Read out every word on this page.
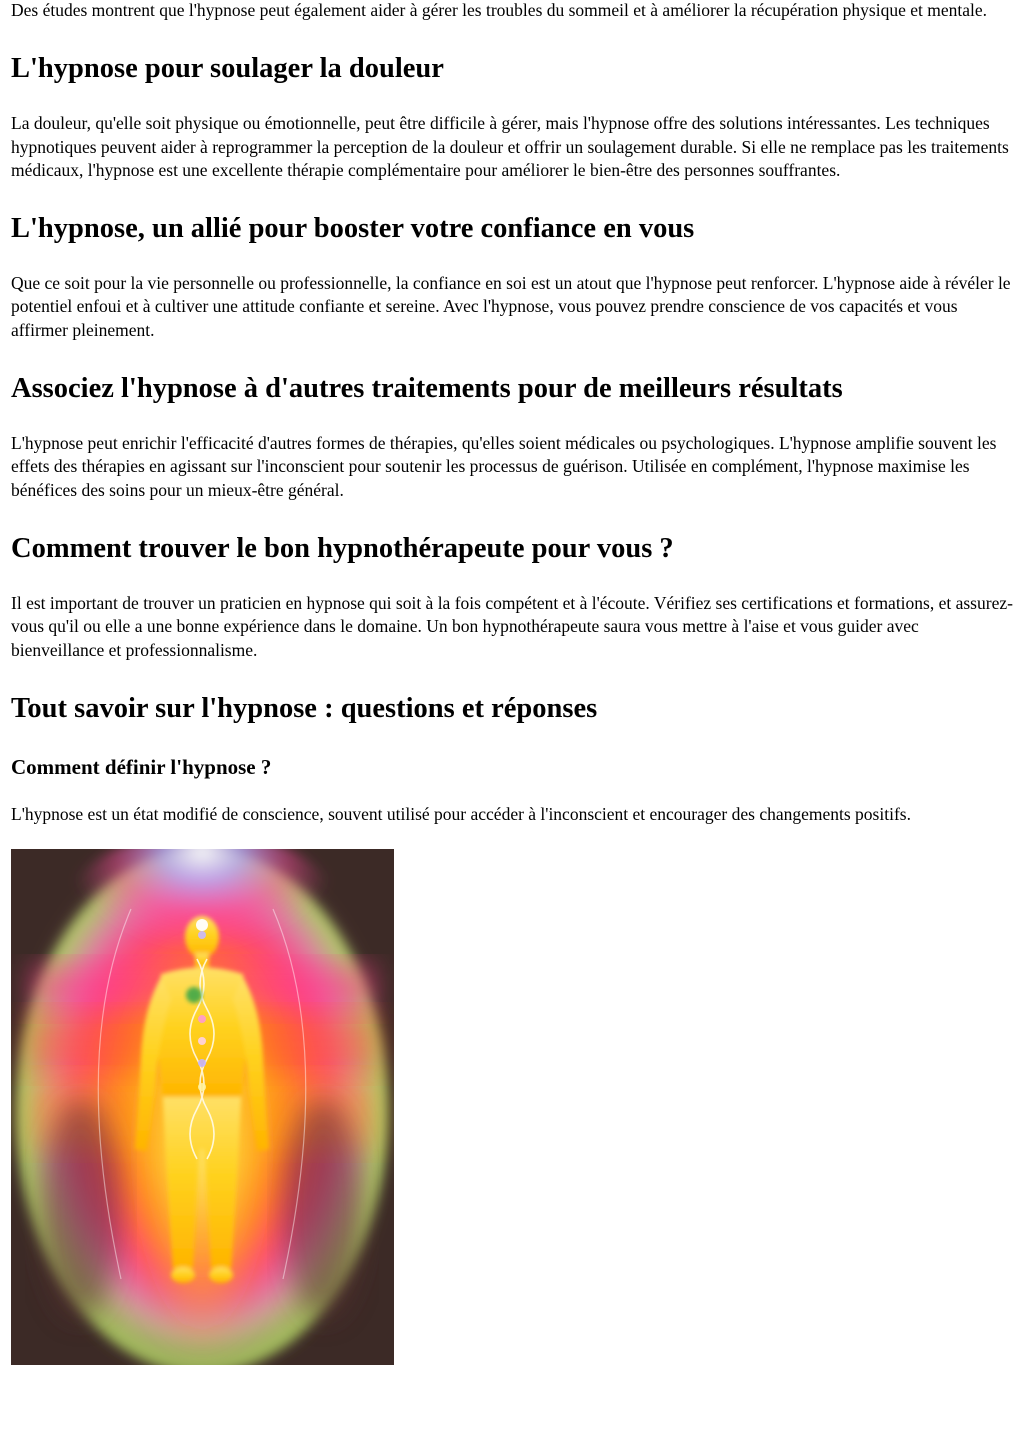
Des études montrent que l'hypnose peut également aider à gérer les troubles du sommeil et à améliorer la récupération physique et mentale.

L'hypnose pour soulager la douleur

La douleur, qu'elle soit physique ou émotionnelle, peut être difficile à gérer, mais l'hypnose offre des solutions intéressantes. Les techniques hypnotiques peuvent aider à reprogrammer la perception de la douleur et offrir un soulagement durable. Si elle ne remplace pas les traitements médicaux, l'hypnose est une excellente thérapie complémentaire pour améliorer le bien-être des personnes souffrantes.

L'hypnose, un allié pour booster votre confiance en vous

Que ce soit pour la vie personnelle ou professionnelle, la confiance en soi est un atout que l'hypnose peut renforcer. L'hypnose aide à révéler le potentiel enfoui et à cultiver une attitude confiante et sereine. Avec l'hypnose, vous pouvez prendre conscience de vos capacités et vous affirmer pleinement.

Associez l'hypnose à d'autres traitements pour de meilleurs résultats

L'hypnose peut enrichir l'efficacité d'autres formes de thérapies, qu'elles soient médicales ou psychologiques. L'hypnose amplifie souvent les effets des thérapies en agissant sur l'inconscient pour soutenir les processus de guérison. Utilisée en complément, l'hypnose maximise les bénéfices des soins pour un mieux-être général.

Comment trouver le bon hypnothérapeute pour vous ?

Il est important de trouver un praticien en hypnose qui soit à la fois compétent et à l'écoute. Vérifiez ses certifications et formations, et assurez-vous qu'il ou elle a une bonne expérience dans le domaine. Un bon hypnothérapeute saura vous mettre à l'aise et vous guider avec bienveillance et professionnalisme.

Tout savoir sur l'hypnose : questions et réponses
Comment définir l'hypnose ?

L'hypnose est un état modifié de conscience, souvent utilisé pour accéder à l'inconscient et encourager des changements positifs.
